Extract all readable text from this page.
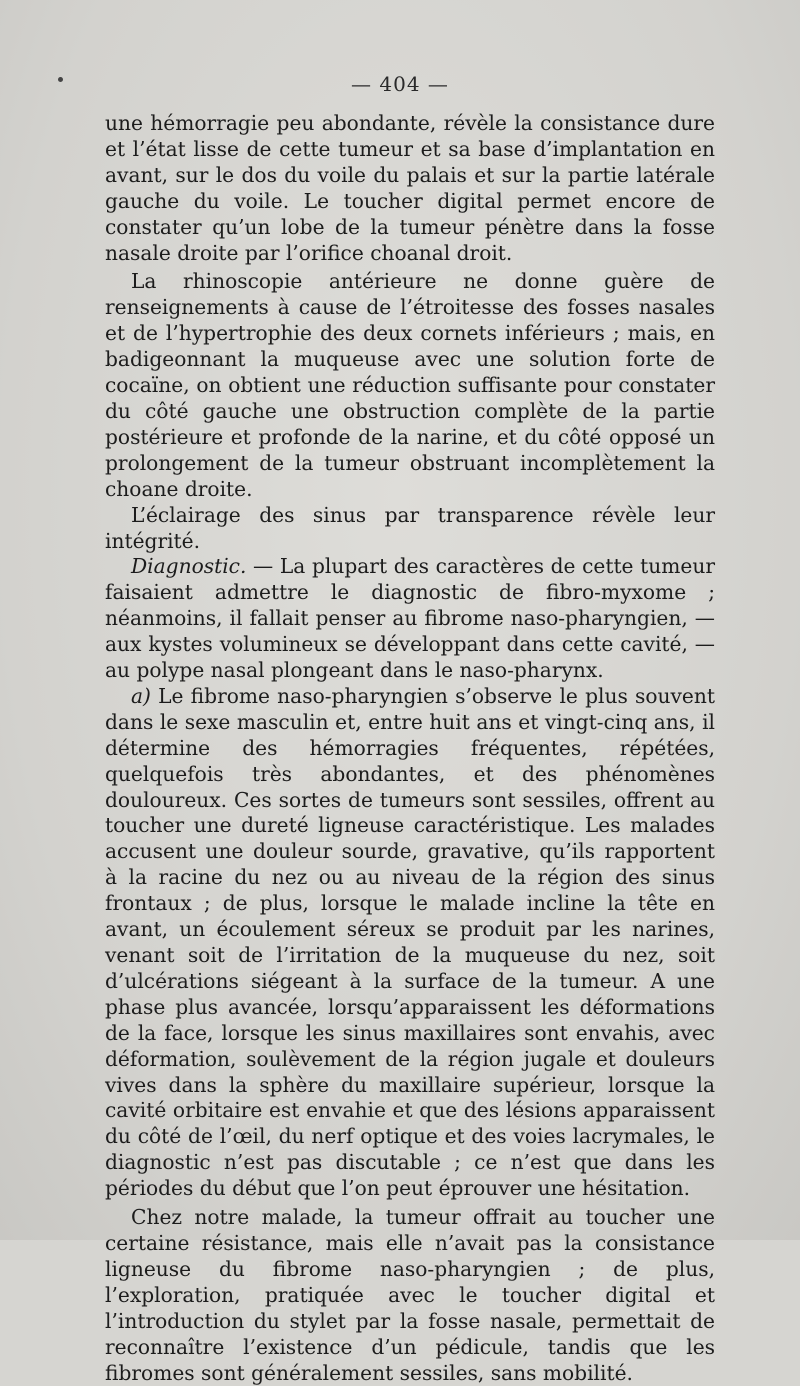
— 404 —

une hémorragie peu abondante, révèle la consistance dure et l’état lisse de cette tumeur et sa base d’implantation en avant, sur le dos du voile du palais et sur la partie latérale gauche du voile. Le toucher digital permet encore de constater qu’un lobe de la tumeur pénètre dans la fosse nasale droite par l’orifice choanal droit.

La rhinoscopie antérieure ne donne guère de renseignements à cause de l’étroitesse des fosses nasales et de l’hypertrophie des deux cornets inférieurs ; mais, en badigeonnant la muqueuse avec une solution forte de cocaïne, on obtient une réduction suffisante pour constater du côté gauche une obstruction complète de la partie postérieure et profonde de la narine, et du côté opposé un prolongement de la tumeur obstruant incomplètement la choane droite.

L’éclairage des sinus par transparence révèle leur intégrité.

Diagnostic. — La plupart des caractères de cette tumeur faisaient admettre le diagnostic de fibro-myxome ; néanmoins, il fallait penser au fibrome naso-pharyngien, — aux kystes volumineux se développant dans cette cavité, — au polype nasal plongeant dans le naso-pharynx.

a) Le fibrome naso-pharyngien s’observe le plus souvent dans le sexe masculin et, entre huit ans et vingt-cinq ans, il détermine des hémorragies fréquentes, répétées, quelquefois très abondantes, et des phénomènes douloureux. Ces sortes de tumeurs sont sessiles, offrent au toucher une dureté ligneuse caractéristique. Les malades accusent une douleur sourde, gravative, qu’ils rapportent à la racine du nez ou au niveau de la région des sinus frontaux ; de plus, lorsque le malade incline la tête en avant, un écoulement séreux se produit par les narines, venant soit de l’irritation de la muqueuse du nez, soit d’ulcérations siégeant à la surface de la tumeur. A une phase plus avancée, lorsqu’apparaissent les déformations de la face, lorsque les sinus maxillaires sont envahis, avec déformation, soulèvement de la région jugale et douleurs vives dans la sphère du maxillaire supérieur, lorsque la cavité orbitaire est envahie et que des lésions apparaissent du côté de l’œil, du nerf optique et des voies lacrymales, le diagnostic n’est pas discutable ; ce n’est que dans les périodes du début que l’on peut éprouver une hésitation.

Chez notre malade, la tumeur offrait au toucher une certaine résistance, mais elle n’avait pas la consistance ligneuse du fibrome naso-pharyngien ; de plus, l’exploration, pratiquée avec le toucher digital et l’introduction du stylet par la fosse nasale, permettait de reconnaître l’existence d’un pédicule, tandis que les fibromes sont généralement sessiles, sans mobilité.
